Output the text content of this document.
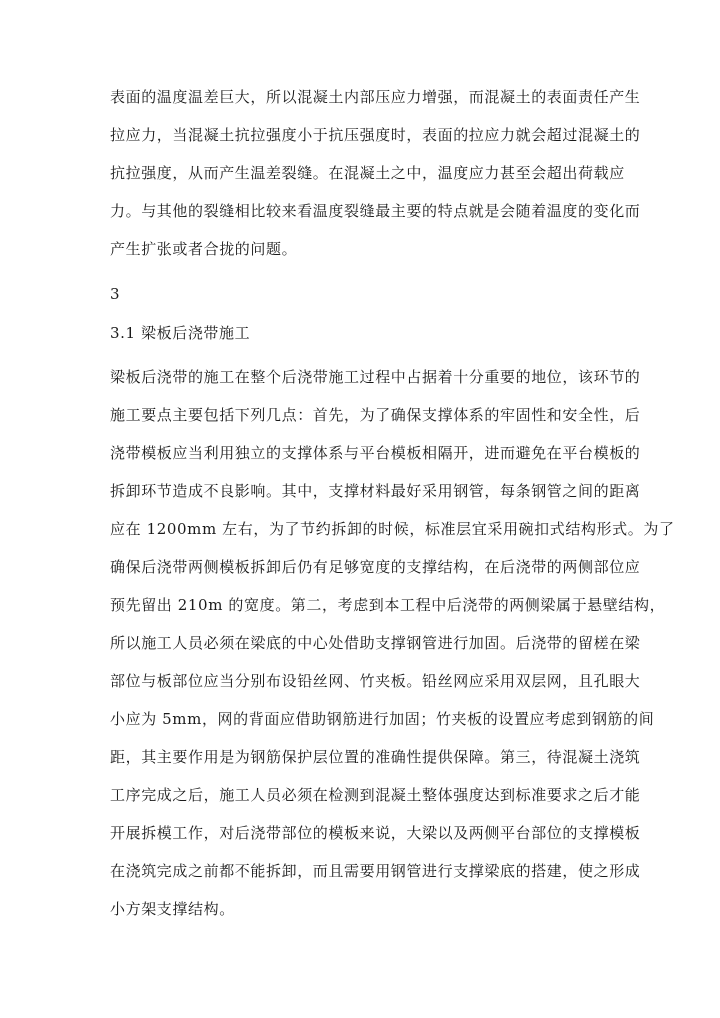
表面的温度温差巨大，所以混凝土内部压应力增强，而混凝土的表面责任产生
拉应力，当混凝土抗拉强度小于抗压强度时，表面的拉应力就会超过混凝土的
抗拉强度，从而产生温差裂缝。在混凝土之中，温度应力甚至会超出荷载应
力。与其他的裂缝相比较来看温度裂缝最主要的特点就是会随着温度的变化而
产生扩张或者合拢的问题。
3
3.1 梁板后浇带施工
梁板后浇带的施工在整个后浇带施工过程中占据着十分重要的地位，该环节的
施工要点主要包括下列几点：首先，为了确保支撑体系的牢固性和安全性，后
浇带模板应当利用独立的支撑体系与平台模板相隔开，进而避免在平台模板的
拆卸环节造成不良影响。其中，支撑材料最好采用钢管，每条钢管之间的距离
应在 1200mm 左右，为了节约拆卸的时候，标准层宜采用碗扣式结构形式。为了
确保后浇带两侧模板拆卸后仍有足够宽度的支撑结构，在后浇带的两侧部位应
预先留出 210m 的宽度。第二，考虑到本工程中后浇带的两侧梁属于悬壁结构，
所以施工人员必须在梁底的中心处借助支撑钢管进行加固。后浇带的留槎在梁
部位与板部位应当分别布设铅丝网、竹夹板。铅丝网应采用双层网，且孔眼大
小应为 5mm，网的背面应借助钢筋进行加固；竹夹板的设置应考虑到钢筋的间
距，其主要作用是为钢筋保护层位置的准确性提供保障。第三，待混凝土浇筑
工序完成之后，施工人员必须在检测到混凝土整体强度达到标准要求之后才能
开展拆模工作，对后浇带部位的模板来说，大梁以及两侧平台部位的支撑模板
在浇筑完成之前都不能拆卸，而且需要用钢管进行支撑梁底的搭建，使之形成
小方架支撑结构。
